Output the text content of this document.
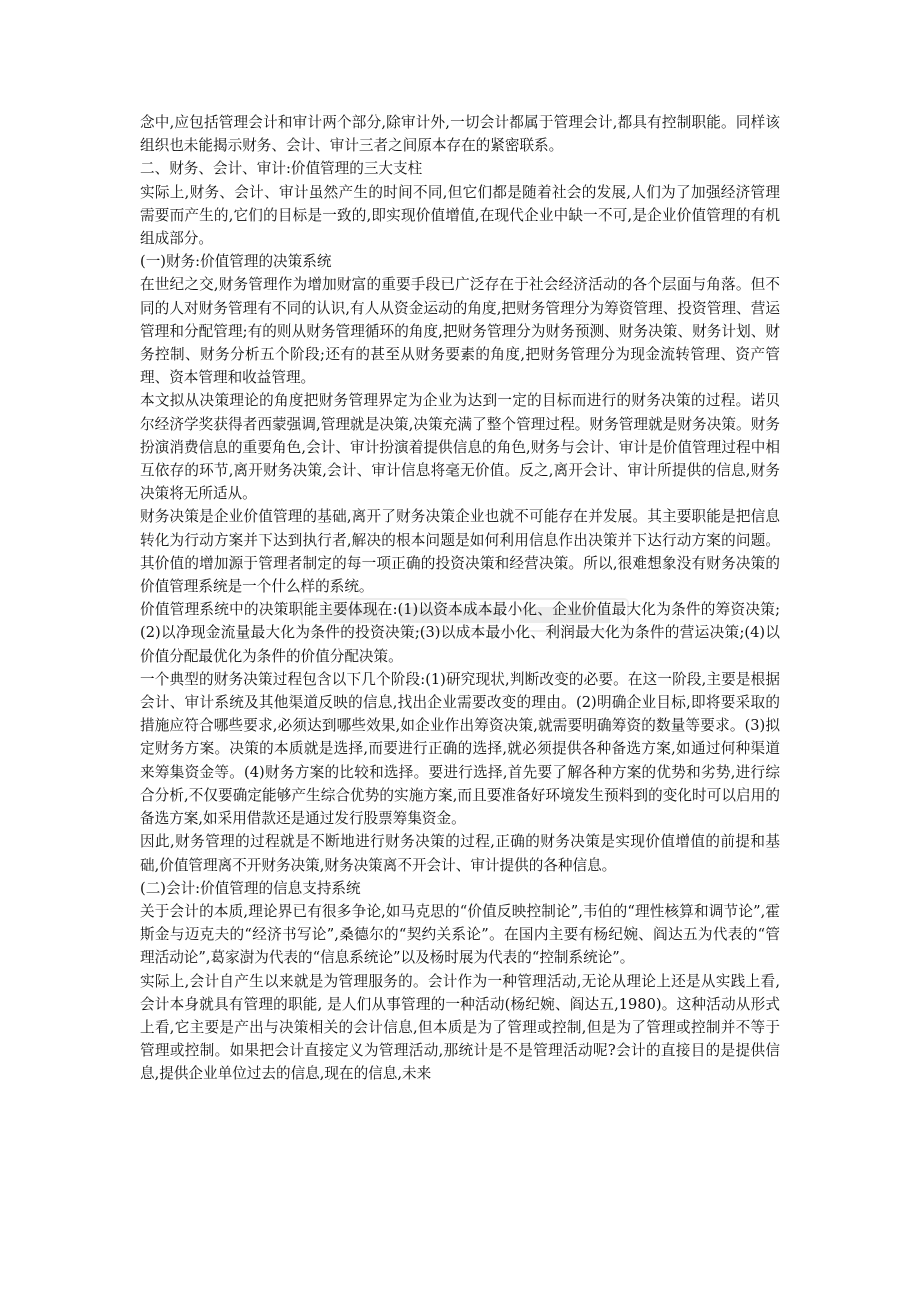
念中,应包括管理会计和审计两个部分,除审计外,一切会计都属于管理会计,都具有控制职能。同样该组织也未能揭示财务、会计、审计三者之间原本存在的紧密联系。

二、财务、会计、审计:价值管理的三大支柱

实际上,财务、会计、审计虽然产生的时间不同,但它们都是随着社会的发展,人们为了加强经济管理需要而产生的,它们的目标是一致的,即实现价值增值,在现代企业中缺一不可,是企业价值管理的有机组成部分。

(一)财务:价值管理的决策系统

在世纪之交,财务管理作为增加财富的重要手段已广泛存在于社会经济活动的各个层面与角落。但不同的人对财务管理有不同的认识,有人从资金运动的角度,把财务管理分为筹资管理、投资管理、营运管理和分配管理;有的则从财务管理循环的角度,把财务管理分为财务预测、财务决策、财务计划、财务控制、财务分析五个阶段;还有的甚至从财务要素的角度,把财务管理分为现金流转管理、资产管理、资本管理和收益管理。

本文拟从决策理论的角度把财务管理界定为企业为达到一定的目标而进行的财务决策的过程。诺贝尔经济学奖获得者西蒙强调,管理就是决策,决策充满了整个管理过程。财务管理就是财务决策。财务扮演消费信息的重要角色,会计、审计扮演着提供信息的角色,财务与会计、审计是价值管理过程中相互依存的环节,离开财务决策,会计、审计信息将毫无价值。反之,离开会计、审计所提供的信息,财务决策将无所适从。

财务决策是企业价值管理的基础,离开了财务决策企业也就不可能存在并发展。其主要职能是把信息转化为行动方案并下达到执行者,解决的根本问题是如何利用信息作出决策并下达行动方案的问题。其价值的增加源于管理者制定的每一项正确的投资决策和经营决策。所以,很难想象没有财务决策的价值管理系统是一个什么样的系统。

价值管理系统中的决策职能主要体现在:(1)以资本成本最小化、企业价值最大化为条件的筹资决策;(2)以净现金流量最大化为条件的投资决策;(3)以成本最小化、利润最大化为条件的营运决策;(4)以价值分配最优化为条件的价值分配决策。

一个典型的财务决策过程包含以下几个阶段:(1)研究现状,判断改变的必要。在这一阶段,主要是根据会计、审计系统及其他渠道反映的信息,找出企业需要改变的理由。(2)明确企业目标,即将要采取的措施应符合哪些要求,必须达到哪些效果,如企业作出筹资决策,就需要明确筹资的数量等要求。(3)拟定财务方案。决策的本质就是选择,而要进行正确的选择,就必须提供各种备选方案,如通过何种渠道来筹集资金等。(4)财务方案的比较和选择。要进行选择,首先要了解各种方案的优势和劣势,进行综合分析,不仅要确定能够产生综合优势的实施方案,而且要准备好环境发生预料到的变化时可以启用的备选方案,如采用借款还是通过发行股票筹集资金。

因此,财务管理的过程就是不断地进行财务决策的过程,正确的财务决策是实现价值增值的前提和基础,价值管理离不开财务决策,财务决策离不开会计、审计提供的各种信息。

(二)会计:价值管理的信息支持系统

关于会计的本质,理论界已有很多争论,如马克思的“价值反映控制论”,韦伯的“理性核算和调节论”,霍斯金与迈克夫的“经济书写论”,桑德尔的“契约关系论”。在国内主要有杨纪婉、阎达五为代表的“管理活动论”,葛家澍为代表的“信息系统论”以及杨时展为代表的“控制系统论”。

实际上,会计自产生以来就是为管理服务的。会计作为一种管理活动,无论从理论上还是从实践上看,会计本身就具有管理的职能, 是人们从事管理的一种活动(杨纪婉、阎达五,1980)。这种活动从形式上看,它主要是产出与决策相关的会计信息,但本质是为了管理或控制,但是为了管理或控制并不等于管理或控制。如果把会计直接定义为管理活动,那统计是不是管理活动呢?会计的直接目的是提供信息,提供企业单位过去的信息,现在的信息,未来
